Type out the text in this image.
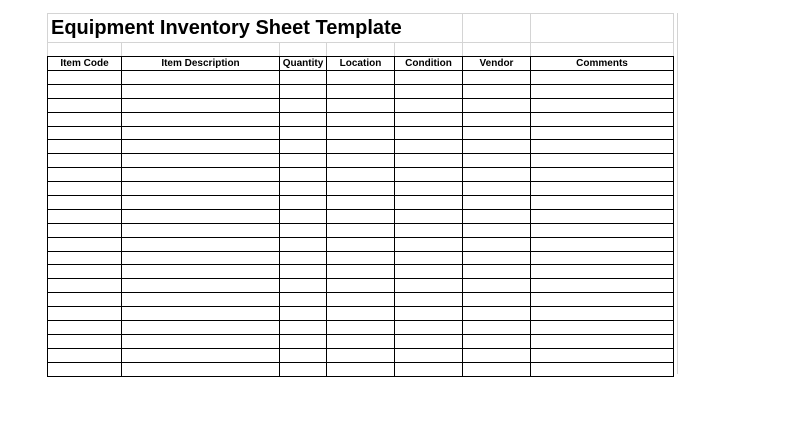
Equipment Inventory Sheet Template						

Item Code	Item Description	Quantity	Location	Condition	Vendor	Comments
